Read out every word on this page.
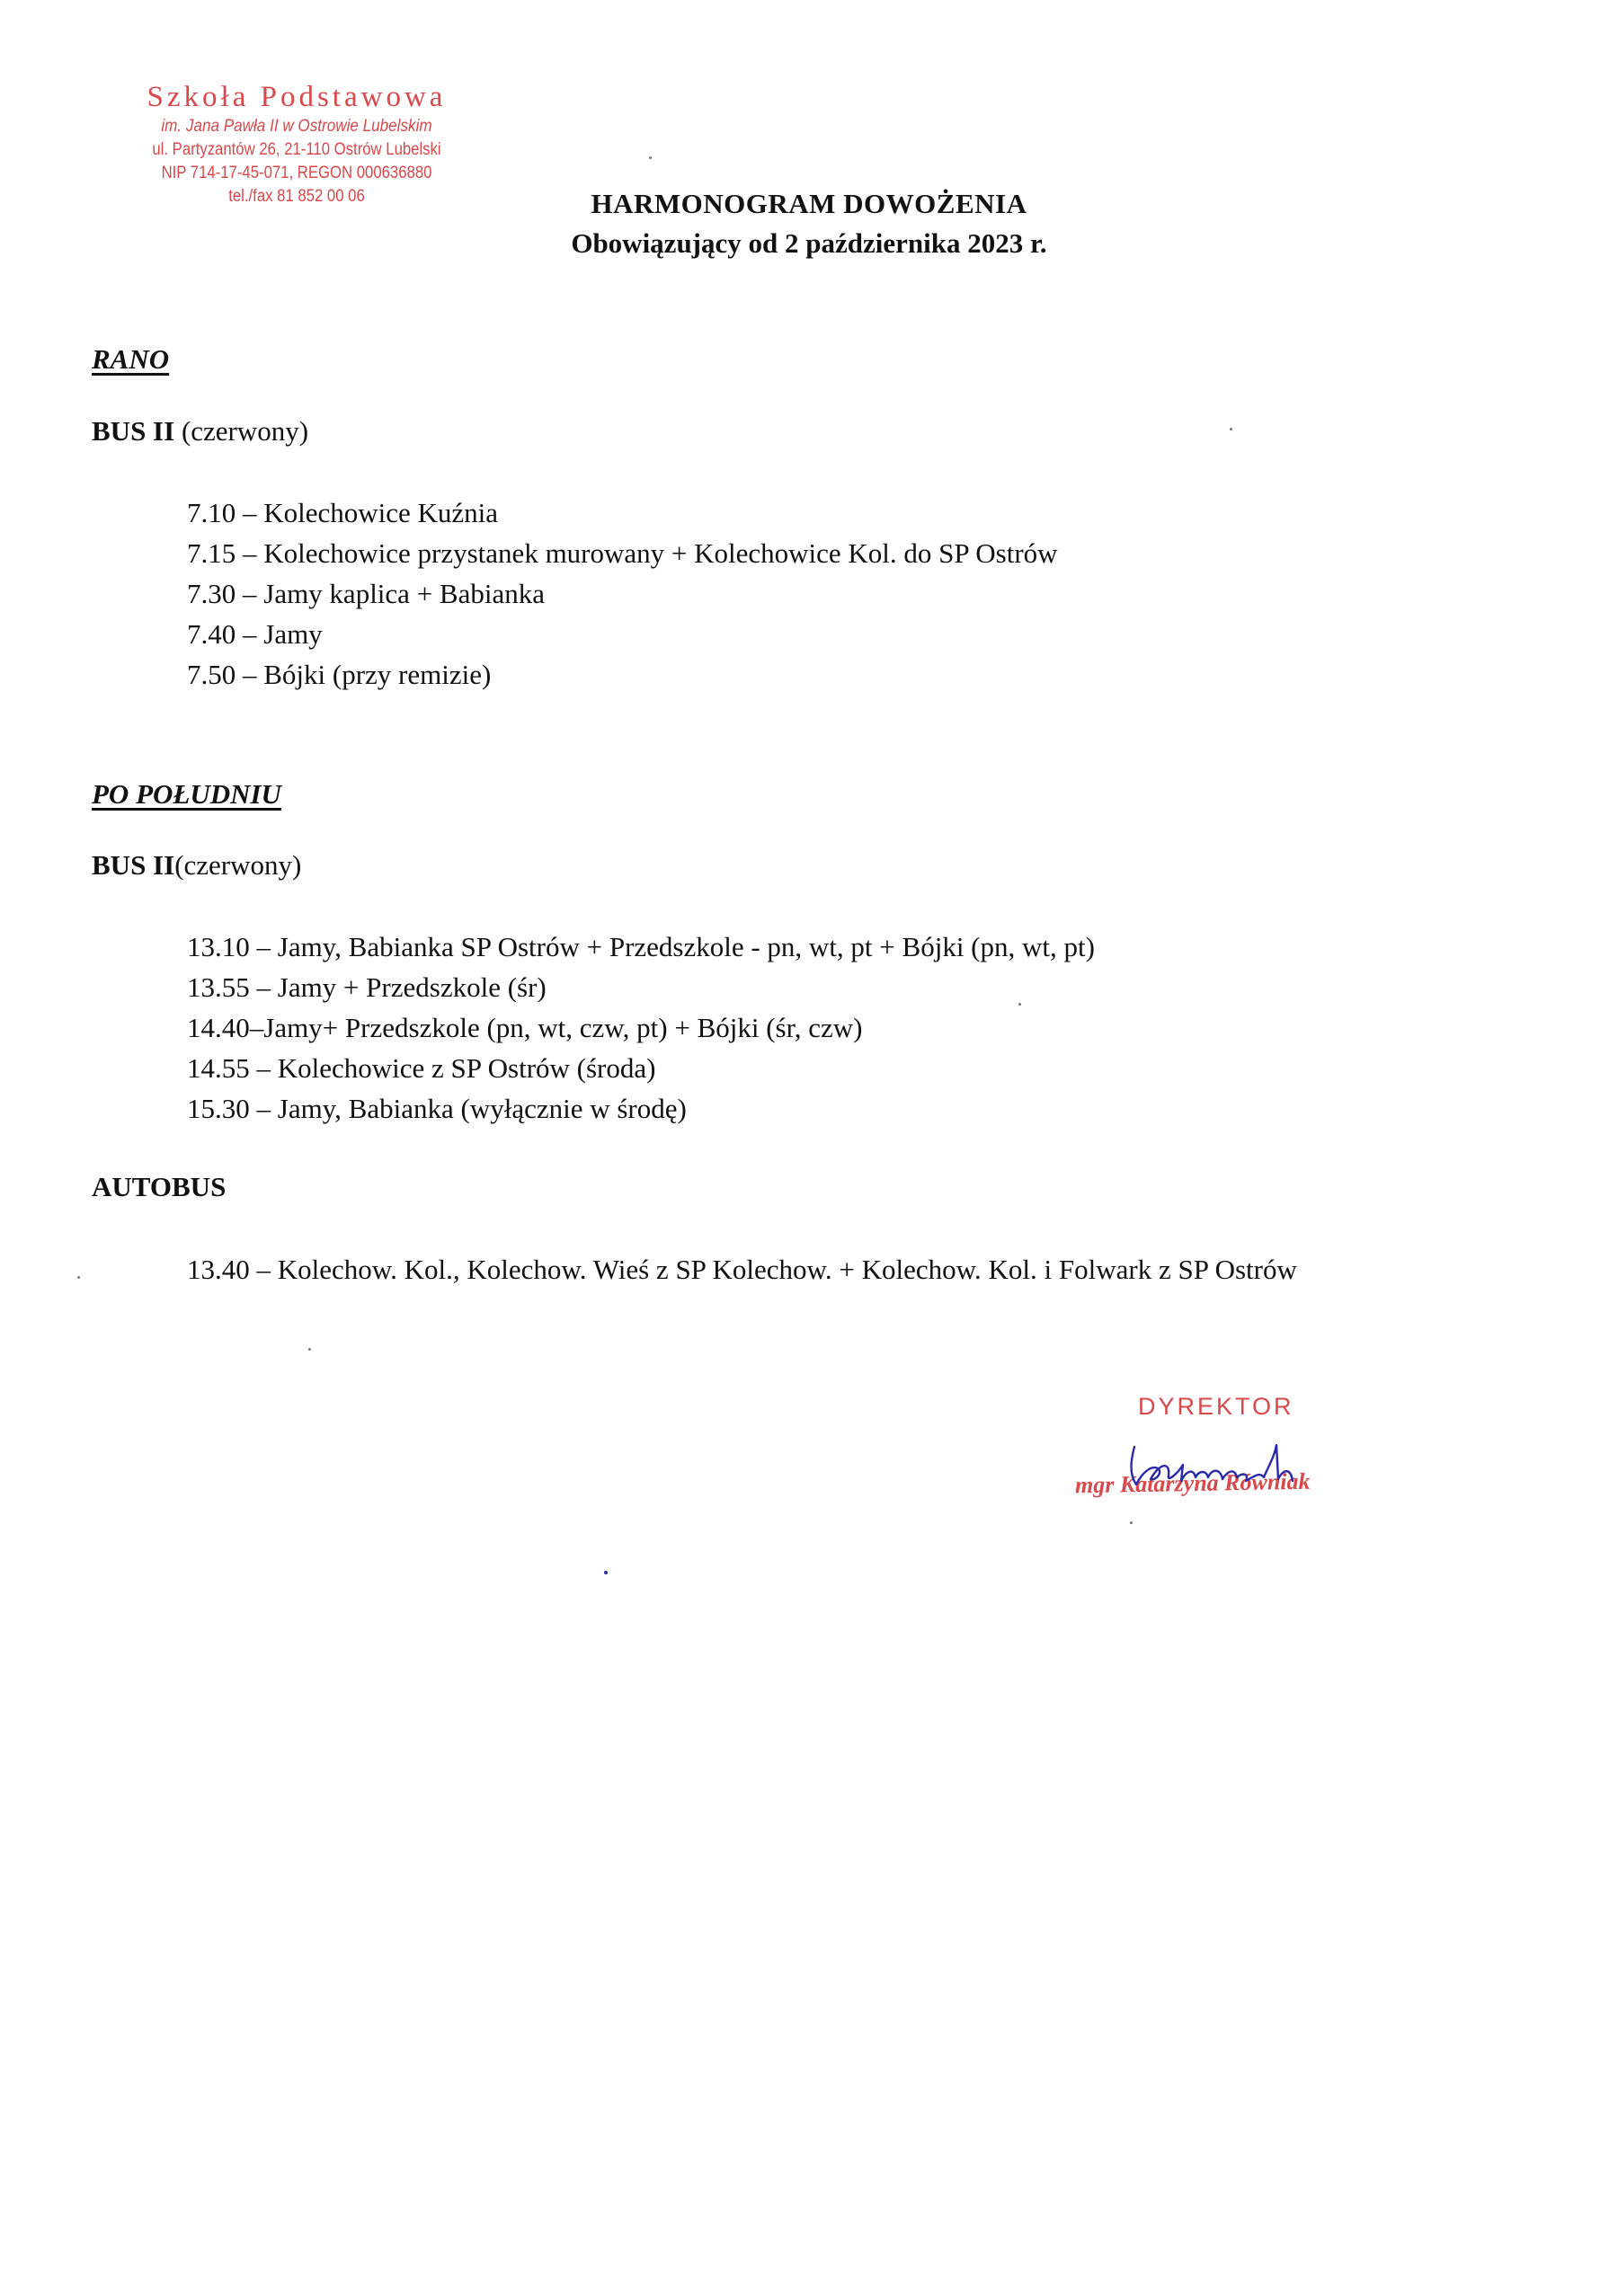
Szkoła Podstawowa
im. Jana Pawła II w Ostrowie Lubelskim
ul. Partyzantów 26, 21-110 Ostrów Lubelski
NIP 714-17-45-071, REGON 000636880
tel./fax 81 852 00 06	HARMONOGRAM DOWOŻENIA
Obowiązujący od 2 października 2023 r.
RANO
BUS II (czerwony)
7.10 – Kolechowice Kuźnia
7.15 – Kolechowice przystanek murowany + Kolechowice Kol. do SP Ostrów
7.30 – Jamy kaplica + Babianka
7.40 – Jamy
7.50 – Bójki (przy remizie)
PO POŁUDNIU
BUS II(czerwony)
13.10 – Jamy, Babianka SP Ostrów + Przedszkole - pn, wt, pt + Bójki (pn, wt, pt)
13.55 – Jamy + Przedszkole (śr)
14.40–Jamy+ Przedszkole (pn, wt, czw, pt) + Bójki (śr, czw)
14.55 – Kolechowice z SP Ostrów (środa)
15.30 – Jamy, Babianka (wyłącznie w środę)
AUTOBUS
13.40 – Kolechow. Kol., Kolechow. Wieś z SP Kolechow. + Kolechow. Kol. i Folwark z SP Ostrów
DYREKTOR
mgr Katarzyna Równiak
